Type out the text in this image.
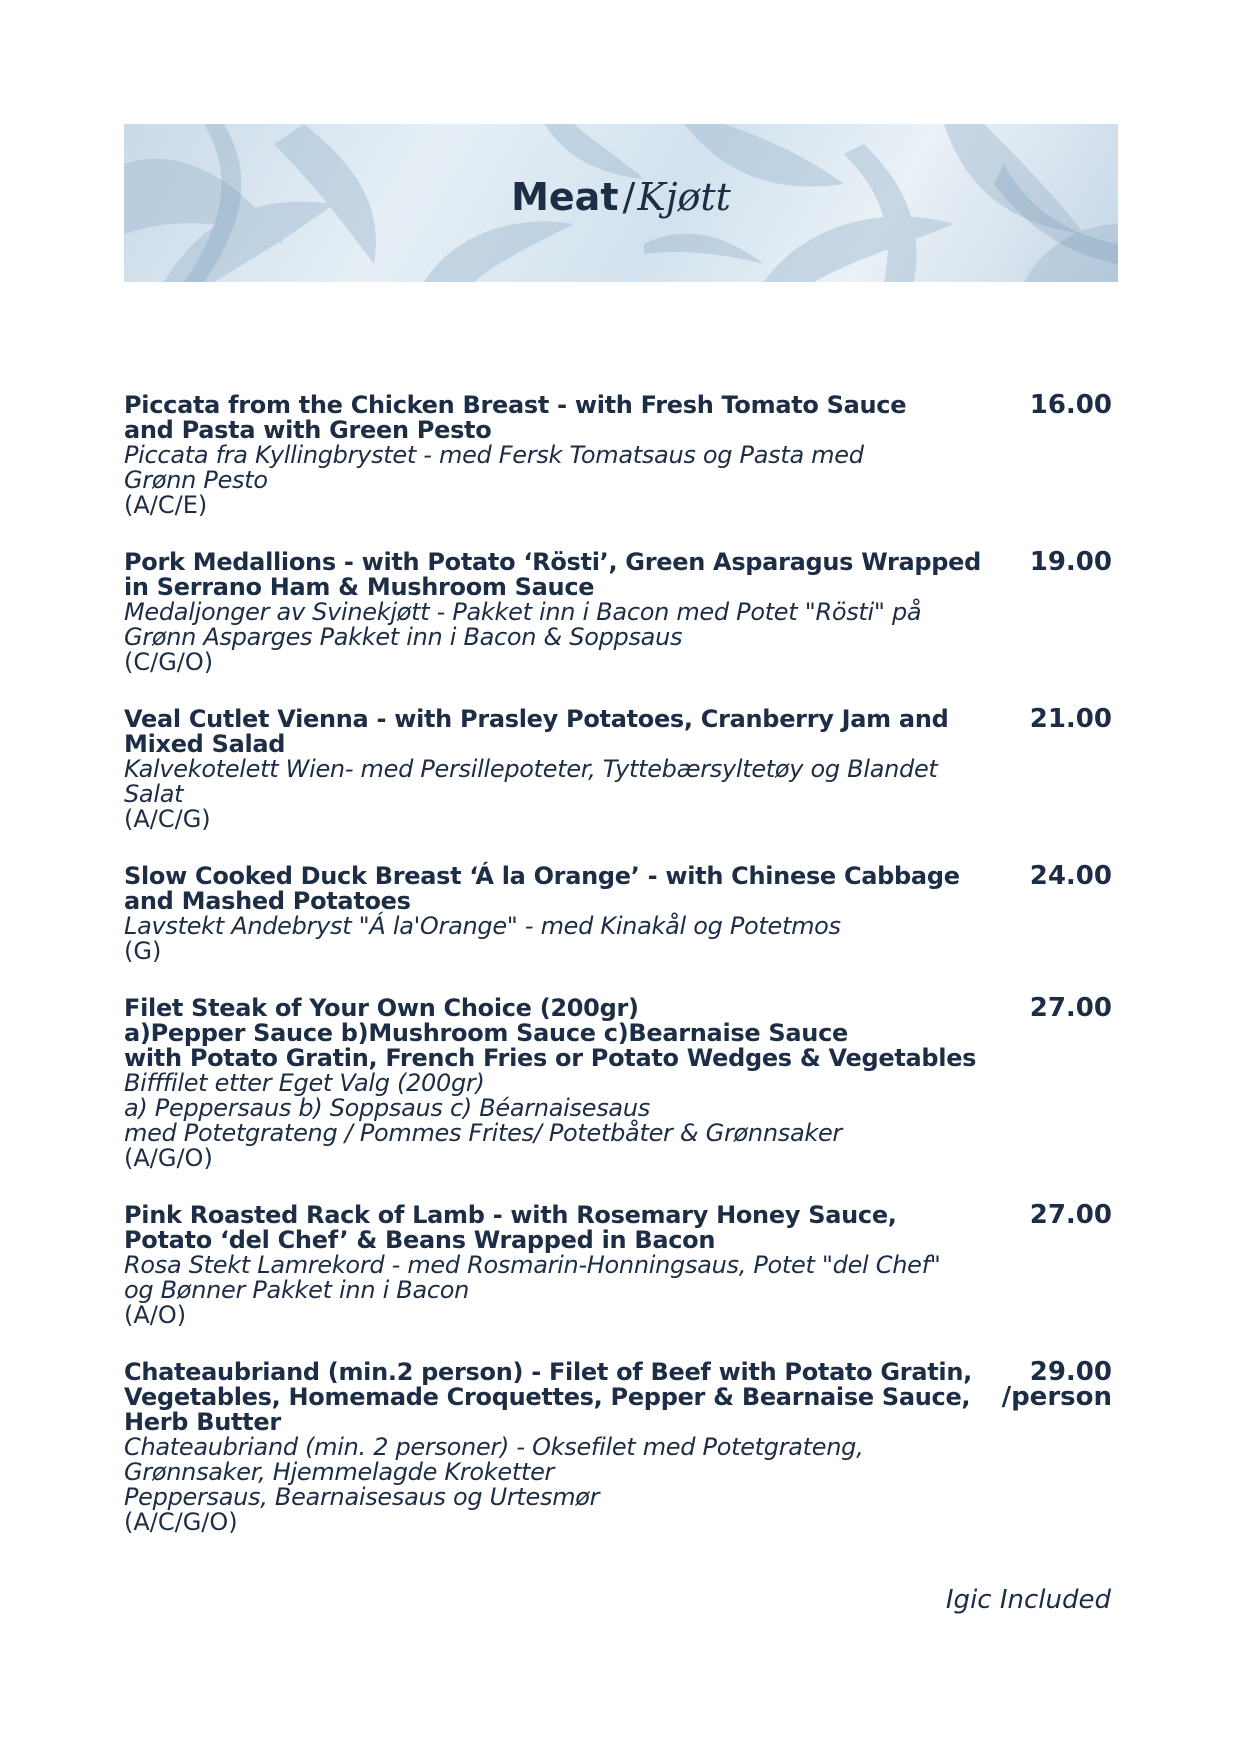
Meat /Kjøtt
Piccata from the Chicken Breast - with Fresh Tomato Sauce
and Pasta with Green Pesto
Piccata fra Kyllingbrystet - med Fersk Tomatsaus og Pasta med
Grønn Pesto
(A/C/E)
16.00
Pork Medallions - with Potato ‘Rösti’, Green Asparagus Wrapped
in Serrano Ham & Mushroom Sauce
Medaljonger av Svinekjøtt - Pakket inn i Bacon med Potet "Rösti" på
Grønn Asparges Pakket inn i Bacon & Soppsaus
(C/G/O)
19.00
Veal Cutlet Vienna - with Prasley Potatoes, Cranberry Jam and
Mixed Salad
Kalvekotelett Wien- med Persillepoteter, Tyttebærsyltetøy og Blandet
Salat
(A/C/G)
21.00
Slow Cooked Duck Breast ‘Á la Orange’ - with Chinese Cabbage
and Mashed Potatoes
Lavstekt Andebryst "Á la'Orange" - med Kinakål og Potetmos
(G)
24.00
Filet Steak of Your Own Choice (200gr)
a)Pepper Sauce b)Mushroom Sauce c)Bearnaise Sauce
with Potato Gratin, French Fries or Potato Wedges & Vegetables
Bifffilet etter Eget Valg (200gr)
a) Peppersaus b) Soppsaus c) Béarnaisesaus
med Potetgrateng / Pommes Frites/ Potetbåter & Grønnsaker
(A/G/O)
27.00
Pink Roasted Rack of Lamb - with Rosemary Honey Sauce,
Potato ‘del Chef’ & Beans Wrapped in Bacon
Rosa Stekt Lamrekord - med Rosmarin-Honningsaus, Potet "del Chef"
og Bønner Pakket inn i Bacon
(A/O)
27.00
Chateaubriand (min.2 person) - Filet of Beef with Potato Gratin,
Vegetables, Homemade Croquettes, Pepper & Bearnaise Sauce,
Herb Butter
Chateaubriand (min. 2 personer) - Oksefilet med Potetgrateng,
Grønnsaker, Hjemmelagde Kroketter
Peppersaus, Bearnaisesaus og Urtesmør
(A/C/G/O)
29.00
/person
Igic Included
